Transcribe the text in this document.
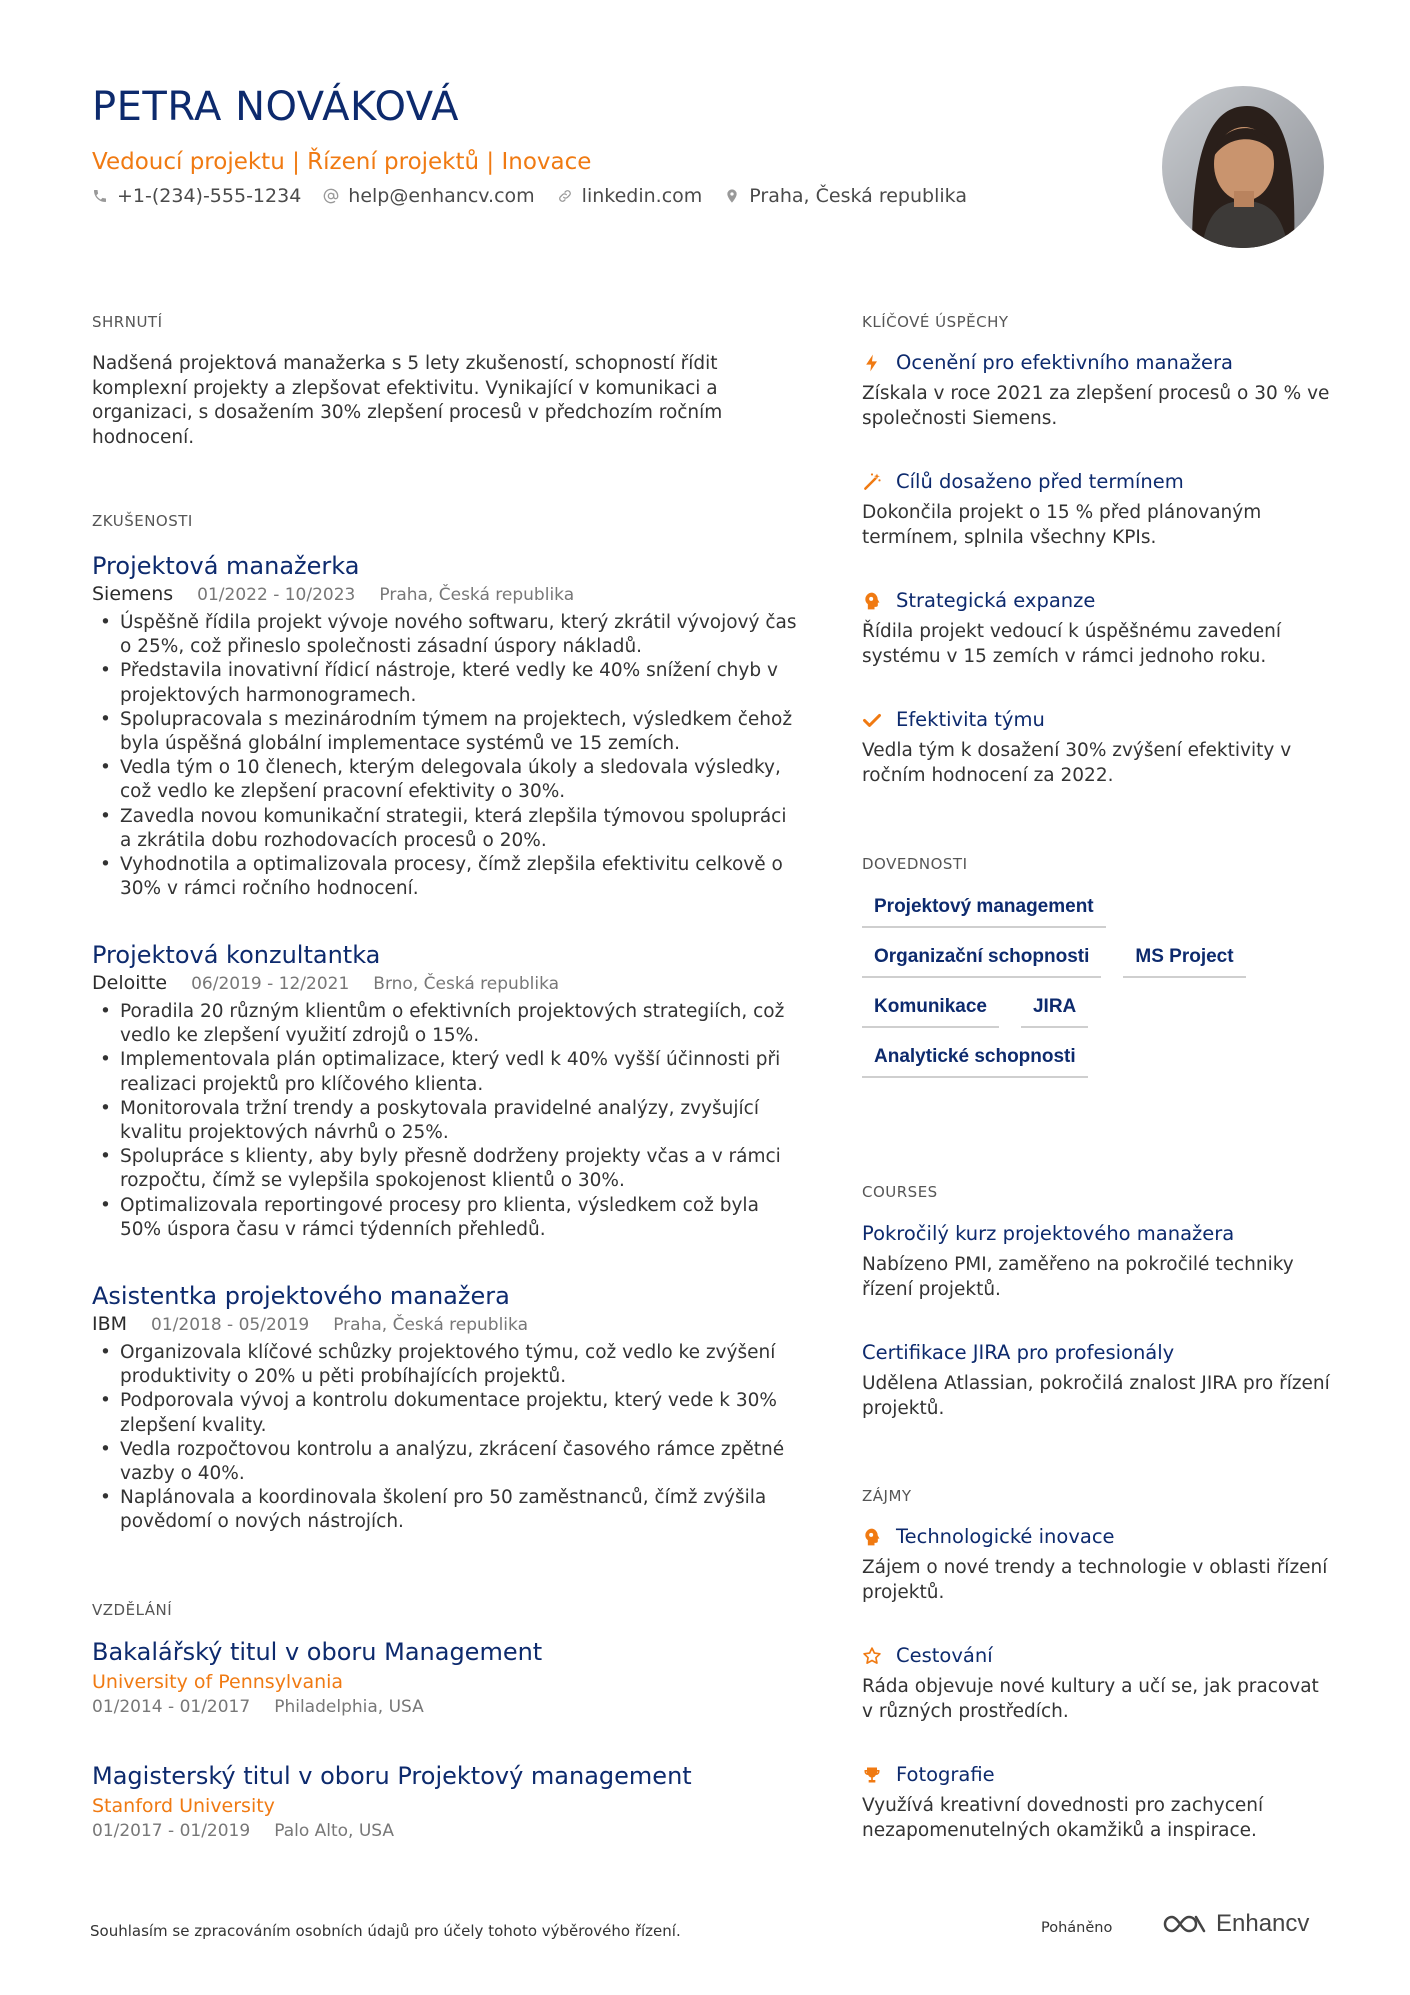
PETRA NOVÁKOVÁ
Vedoucí projektu | Řízení projektů | Inovace
+1-(234)-555-1234 help@enhancv.com linkedin.com Praha, Česká republika
SHRNUTÍ
Nadšená projektová manažerka s 5 lety zkušeností, schopností řídit komplexní projekty a zlepšovat efektivitu. Vynikající v komunikaci a organizaci, s dosažením 30% zlepšení procesů v předchozím ročním hodnocení.
ZKUŠENOSTI
Projektová manažerka
Siemens 01/2022 - 10/2023 Praha, Česká republika
• Úspěšně řídila projekt vývoje nového softwaru, který zkrátil vývojový čas o 25%, což přineslo společnosti zásadní úspory nákladů.
• Představila inovativní řídicí nástroje, které vedly ke 40% snížení chyb v projektových harmonogramech.
• Spolupracovala s mezinárodním týmem na projektech, výsledkem čehož byla úspěšná globální implementace systémů ve 15 zemích.
• Vedla tým o 10 členech, kterým delegovala úkoly a sledovala výsledky, což vedlo ke zlepšení pracovní efektivity o 30%.
• Zavedla novou komunikační strategii, která zlepšila týmovou spolupráci a zkrátila dobu rozhodovacích procesů o 20%.
• Vyhodnotila a optimalizovala procesy, čímž zlepšila efektivitu celkově o 30% v rámci ročního hodnocení.
Projektová konzultantka
Deloitte 06/2019 - 12/2021 Brno, Česká republika
• Poradila 20 různým klientům o efektivních projektových strategiích, což vedlo ke zlepšení využití zdrojů o 15%.
• Implementovala plán optimalizace, který vedl k 40% vyšší účinnosti při realizaci projektů pro klíčového klienta.
• Monitorovala tržní trendy a poskytovala pravidelné analýzy, zvyšující kvalitu projektových návrhů o 25%.
• Spolupráce s klienty, aby byly přesně dodrženy projekty včas a v rámci rozpočtu, čímž se vylepšila spokojenost klientů o 30%.
• Optimalizovala reportingové procesy pro klienta, výsledkem což byla 50% úspora času v rámci týdenních přehledů.
Asistentka projektového manažera
IBM 01/2018 - 05/2019 Praha, Česká republika
• Organizovala klíčové schůzky projektového týmu, což vedlo ke zvýšení produktivity o 20% u pěti probíhajících projektů.
• Podporovala vývoj a kontrolu dokumentace projektu, který vede k 30% zlepšení kvality.
• Vedla rozpočtovou kontrolu a analýzu, zkrácení časového rámce zpětné vazby o 40%.
• Naplánovala a koordinovala školení pro 50 zaměstnanců, čímž zvýšila povědomí o nových nástrojích.
VZDĚLÁNÍ
Bakalářský titul v oboru Management
University of Pennsylvania
01/2014 - 01/2017 Philadelphia, USA
Magisterský titul v oboru Projektový management
Stanford University
01/2017 - 01/2019 Palo Alto, USA
KLÍČOVÉ ÚSPĚCHY
Ocenění pro efektivního manažera
Získala v roce 2021 za zlepšení procesů o 30 % ve společnosti Siemens.
Cílů dosaženo před termínem
Dokončila projekt o 15 % před plánovaným termínem, splnila všechny KPIs.
Strategická expanze
Řídila projekt vedoucí k úspěšnému zavedení systému v 15 zemích v rámci jednoho roku.
Efektivita týmu
Vedla tým k dosažení 30% zvýšení efektivity v ročním hodnocení za 2022.
DOVEDNOSTI
Projektový management
Organizační schopnosti	MS Project
Komunikace	JIRA
Analytické schopnosti
COURSES
Pokročilý kurz projektového manažera
Nabízeno PMI, zaměřeno na pokročilé techniky řízení projektů.
Certifikace JIRA pro profesionály
Udělena Atlassian, pokročilá znalost JIRA pro řízení projektů.
ZÁJMY
Technologické inovace
Zájem o nové trendy a technologie v oblasti řízení projektů.
Cestování
Ráda objevuje nové kultury a učí se, jak pracovat v různých prostředích.
Fotografie
Využívá kreativní dovednosti pro zachycení nezapomenutelných okamžiků a inspirace.
Souhlasím se zpracováním osobních údajů pro účely tohoto výběrového řízení.	Poháněno	Enhancv
